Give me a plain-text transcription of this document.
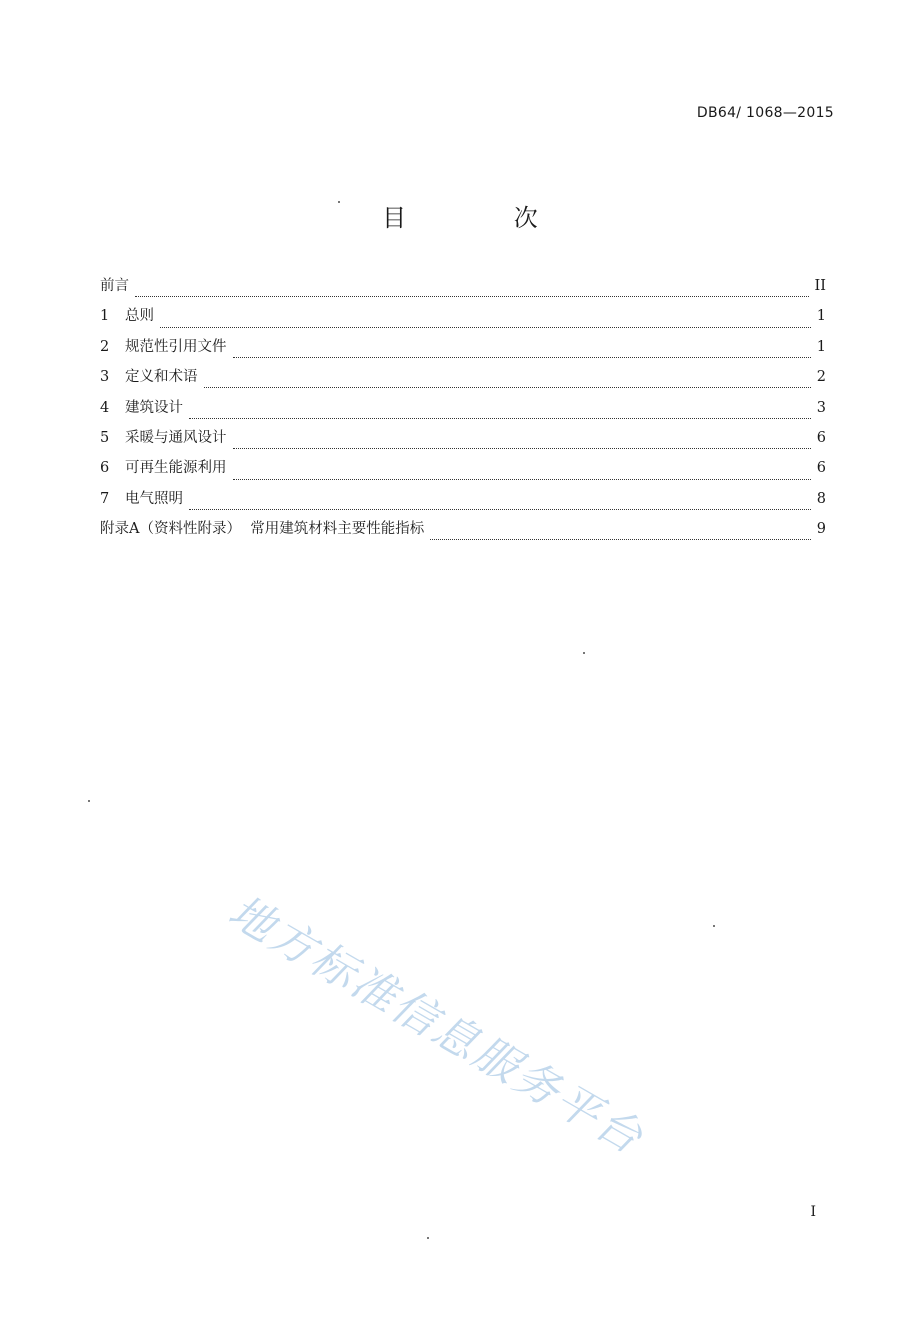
DB64/ 1068—2015
目 次
前言	II
1	总则	1
2	规范性引用文件	1
3	定义和术语	2
4	建筑设计	3
5	采暖与通风设计	6
6	可再生能源利用	6
7	电气照明	8
附录A（资料性附录）  常用建筑材料主要性能指标	9
地方标准信息服务平台
I
